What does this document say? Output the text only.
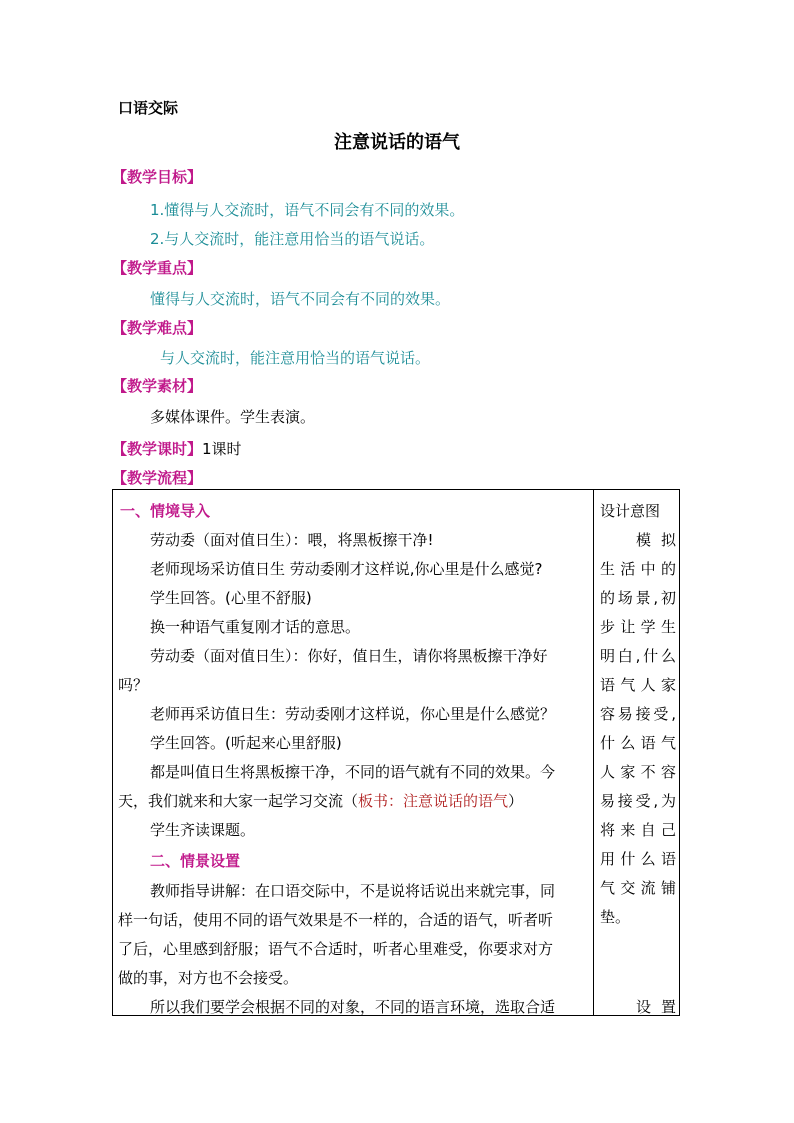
口语交际
注意说话的语气
【教学目标】
1.懂得与人交流时，语气不同会有不同的效果。
2.与人交流时，能注意用恰当的语气说话。
【教学重点】
懂得与人交流时，语气不同会有不同的效果。
【教学难点】
与人交流时，能注意用恰当的语气说话。
【教学素材】
多媒体课件。学生表演。
【教学课时】1课时
【教学流程】
一、情境导入
劳动委（面对值日生）：喂，将黑板擦干净!
老师现场采访值日生 劳动委刚才这样说,你心里是什么感觉?
学生回答。(心里不舒服)
换一种语气重复刚才话的意思。
劳动委（面对值日生）：你好，值日生，请你将黑板擦干净好
吗？
老师再采访值日生：劳动委刚才这样说，你心里是什么感觉？
学生回答。(听起来心里舒服)
都是叫值日生将黑板擦干净，不同的语气就有不同的效果。今
天，我们就来和大家一起学习交流（板书：注意说话的语气）
学生齐读课题。
二、情景设置
教师指导讲解：在口语交际中，不是说将话说出来就完事，同
样一句话，使用不同的语气效果是不一样的，合适的语气，听者听
了后，心里感到舒服；语气不合适时，听者心里难受，你要求对方
做的事，对方也不会接受。
所以我们要学会根据不同的对象，不同的语言环境，选取合适
设计意图
模拟
生活中的
的场景,初
步让学生
明白,什么
语气人家
容易接受,
什么语气
人家不容
易接受,为
将来自己
用什么语
气交流铺
垫。
设置
